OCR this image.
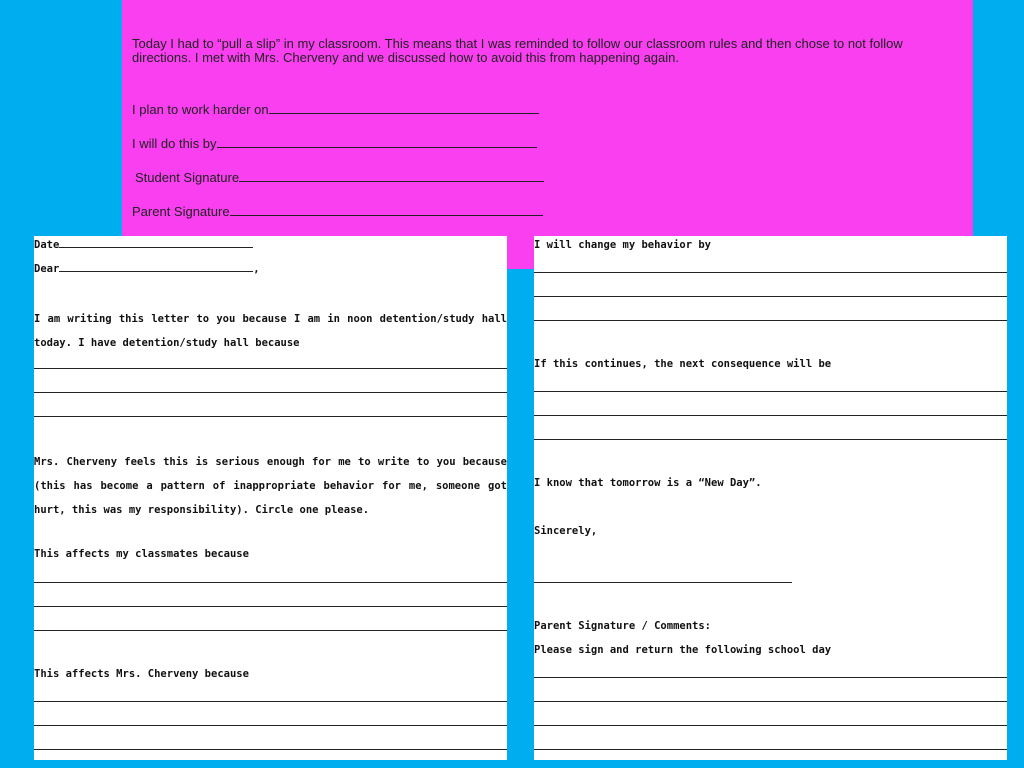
Today I had to “pull a slip” in my classroom. This means that I was reminded to follow our classroom rules and then chose to not follow directions. I met with Mrs. Cherveny and we discussed how to avoid this from happening again.
I plan to work harder on
I will do this by
Student Signature
Parent Signature
Date
Dear	,
I am writing this letter to you because I am in noon detention/study hall today. I have detention/study hall because
Mrs. Cherveny feels this is serious enough for me to write to you because (this has become a pattern of inappropriate behavior for me, someone got hurt, this was my responsibility). Circle one please.
This affects my classmates because
This affects Mrs. Cherveny because
I will change my behavior by
If this continues, the next consequence will be
I know that tomorrow is a “New Day”.
Sincerely,
Parent Signature / Comments:
Please sign and return the following school day
